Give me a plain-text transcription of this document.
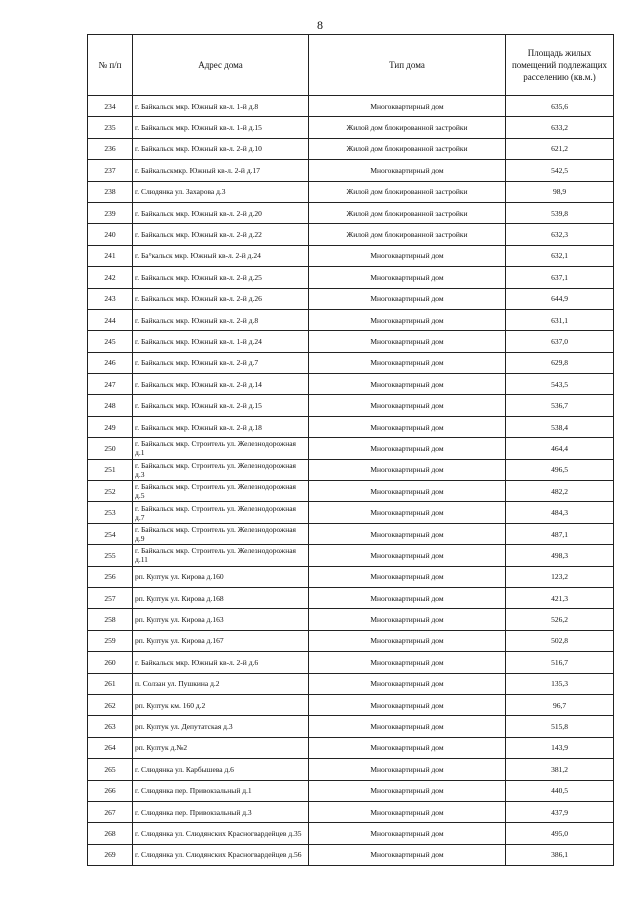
8
№ п/п	Адрес дома	Тип дома	Площадь жилых помещений подлежащих расселению (кв.м.)
234	г. Байкальск мкр. Южный кв-л. 1-й д.8	Многоквартирный дом	635,6
235	г. Байкальск мкр. Южный кв-л. 1-й д.15	Жилой дом блокированной застройки	633,2
236	г. Байкальск мкр. Южный кв-л. 2-й д.10	Жилой дом блокированной застройки	621,2
237	г. Байкальскмкр. Южный кв-л. 2-й д.17	Многоквартирный дом	542,5
238	г. Слюдянка ул. Захарова д.3	Жилой дом блокированной застройки	98,9
239	г. Байкальск мкр. Южный кв-л. 2-й д.20	Жилой дом блокированной застройки	539,8
240	г. Байкальск мкр. Южный кв-л. 2-й д.22	Жилой дом блокированной застройки	632,3
241	г. Ба°кальск мкр. Южный кв-л. 2-й д.24	Многоквартирный дом	632,1
242	г. Байкальск мкр. Южный кв-л. 2-й д.25	Многоквартирный дом	637,1
243	г. Байкальск мкр. Южный кв-л. 2-й д.26	Многоквартирный дом	644,9
244	г. Байкальск мкр. Южный кв-л. 2-й д.8	Многоквартирный дом	631,1
245	г. Байкальск мкр. Южный кв-л. 1-й д.24	Многоквартирный дом	637,0
246	г. Байкальск мкр. Южный кв-л. 2-й д.7	Многоквартирный дом	629,8
247	г. Байкальск мкр. Южный кв-л. 2-й д.14	Многоквартирный дом	543,5
248	г. Байкальск мкр. Южный кв-л. 2-й д.15	Многоквартирный дом	536,7
249	г. Байкальск мкр. Южный кв-л. 2-й д.18	Многоквартирный дом	538,4
250	г. Байкальск мкр. Строитель ул. Железнодорожная д.1	Многоквартирный дом	464,4
251	г. Байкальск мкр. Строитель ул. Железнодорожная д.3	Многоквартирный дом	496,5
252	г. Байкальск мкр. Строитель ул. Железнодорожная д.5	Многоквартирный дом	482,2
253	г. Байкальск мкр. Строитель ул. Железнодорожная д.7	Многоквартирный дом	484,3
254	г. Байкальск мкр. Строитель ул. Железнодорожная д.9	Многоквартирный дом	487,1
255	г. Байкальск мкр. Строитель ул. Железнодорожная д.11	Многоквартирный дом	498,3
256	рп. Култук ул. Кирова д.160	Многоквартирный дом	123,2
257	рп. Култук ул. Кирова д.168	Многоквартирный дом	421,3
258	рп. Култук ул. Кирова д.163	Многоквартирный дом	526,2
259	рп. Култук ул. Кирова д.167	Многоквартирный дом	502,8
260	г. Байкальск мкр. Южный кв-л. 2-й д.6	Многоквартирный дом	516,7
261	п. Солзан ул. Пушкина д.2	Многоквартирный дом	135,3
262	рп. Култук км. 160 д.2	Многоквартирный дом	96,7
263	рп. Култук ул. Депутатская д.3	Многоквартирный дом	515,8
264	рп. Култук д.№2	Многоквартирный дом	143,9
265	г. Слюдянка ул. Карбышева д.6	Многоквартирный дом	381,2
266	г. Слюдянка пер. Привокзальный д.1	Многоквартирный дом	440,5
267	г. Слюдянка пер. Привокзальный д.3	Многоквартирный дом	437,9
268	г. Слюдянка ул. Слюдянских Красногвардейцев д.35	Многоквартирный дом	495,0
269	г. Слюдянка ул. Слюдянских Красногвардейцев д.56	Многоквартирный дом	386,1
